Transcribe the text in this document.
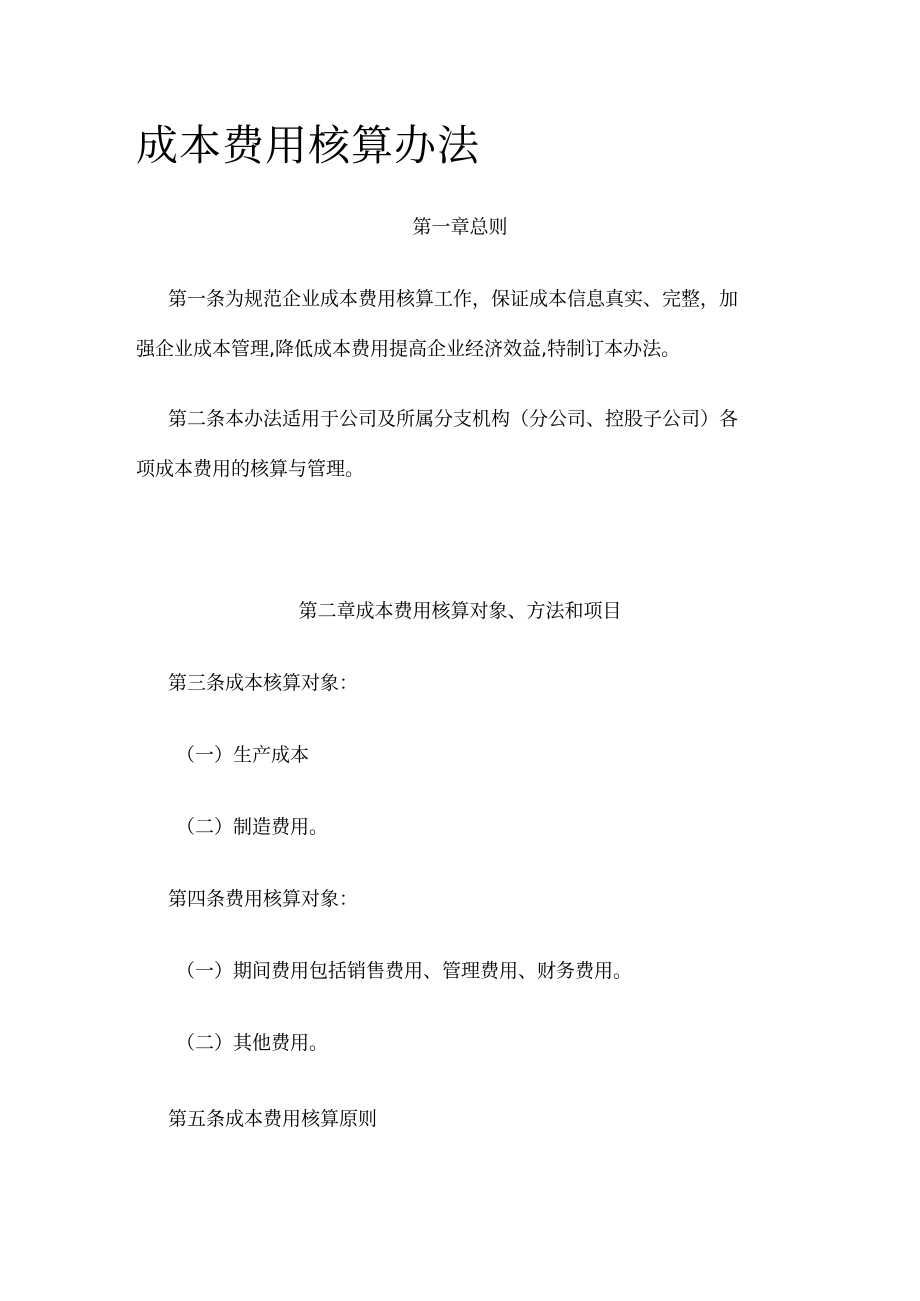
成本费用核算办法
第一章总则
第一条为规范企业成本费用核算工作，保证成本信息真实、完整，加
强企业成本管理,降低成本费用提高企业经济效益,特制订本办法。
第二条本办法适用于公司及所属分支机构（分公司、控股子公司）各
项成本费用的核算与管理。
第二章成本费用核算对象、方法和项目
第三条成本核算对象：
（一）生产成本
（二）制造费用。
第四条费用核算对象：
（一）期间费用包括销售费用、管理费用、财务费用。
（二）其他费用。
第五条成本费用核算原则
